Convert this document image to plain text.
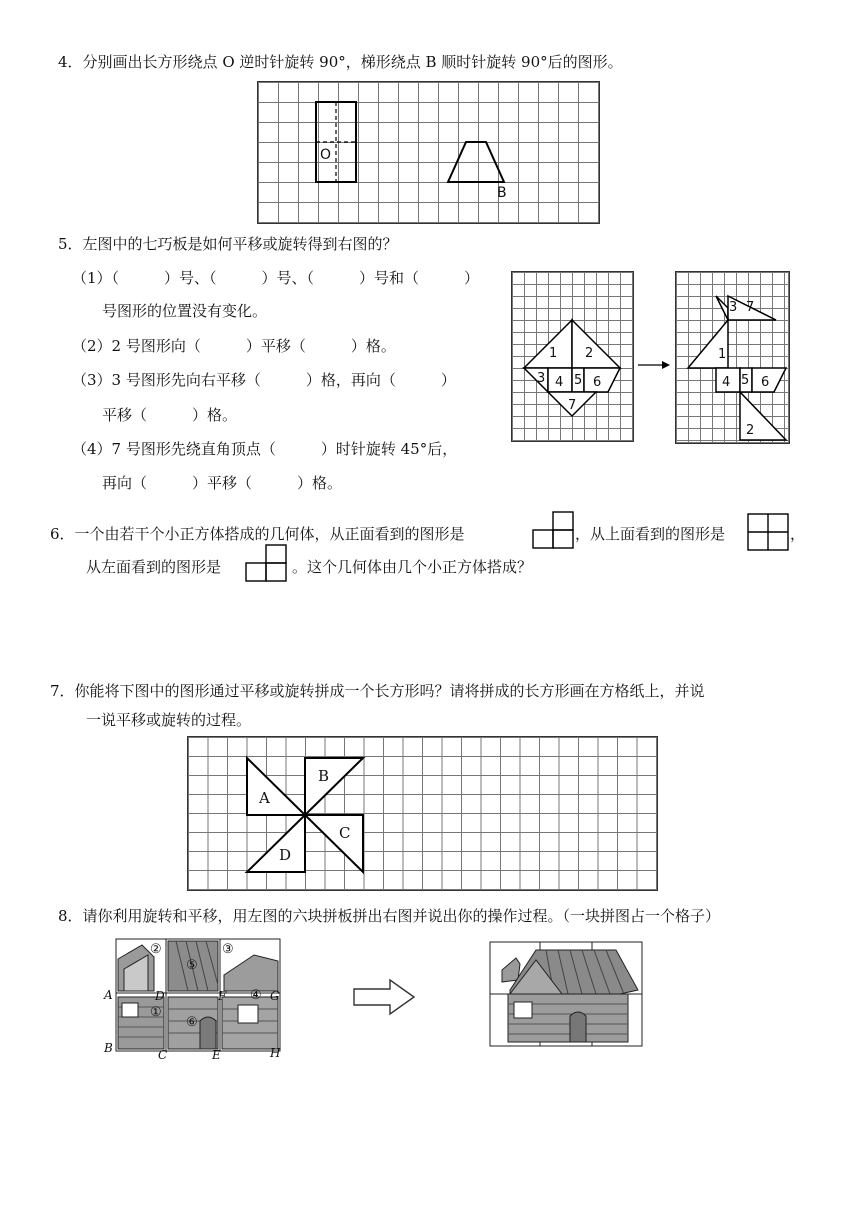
4．分别画出长方形绕点 O 逆时针旋转 90°，梯形绕点 B 顺时针旋转 90°后的图形。
O
B
5．左图中的七巧板是如何平移或旋转得到右图的？
（1）（　　　）号、（　　　）号、（　　　）号和（　　　）
号图形的位置没有变化。
（2）2 号图形向（　　　）平移（　　　）格。
（3）3 号图形先向右平移（　　　）格，再向（　　　）
平移（　　　）格。
（4）7 号图形先绕直角顶点（　　　）时针旋转 45°后，
再向（　　　）平移（　　　）格。
1 2
3 4 5 6
7
3 7
1
4 5 6
2
6．一个由若干个小正方体搭成的几何体，从正面看到的图形是	，从上面看到的图形是	，
从左面看到的图形是	。这个几何体由几个小正方体搭成？
7．你能将下图中的图形通过平移或旋转拼成一个长方形吗？请将拼成的长方形画在方格纸上，并说
一说平移或旋转的过程。
A
B
C
D
8．请你利用旋转和平移，用左图的六块拼板拼出右图并说出你的操作过程。（一块拼图占一个格子）
②
⑤
③
①
⑥
④
A
B	C
D
E
F	G
H
